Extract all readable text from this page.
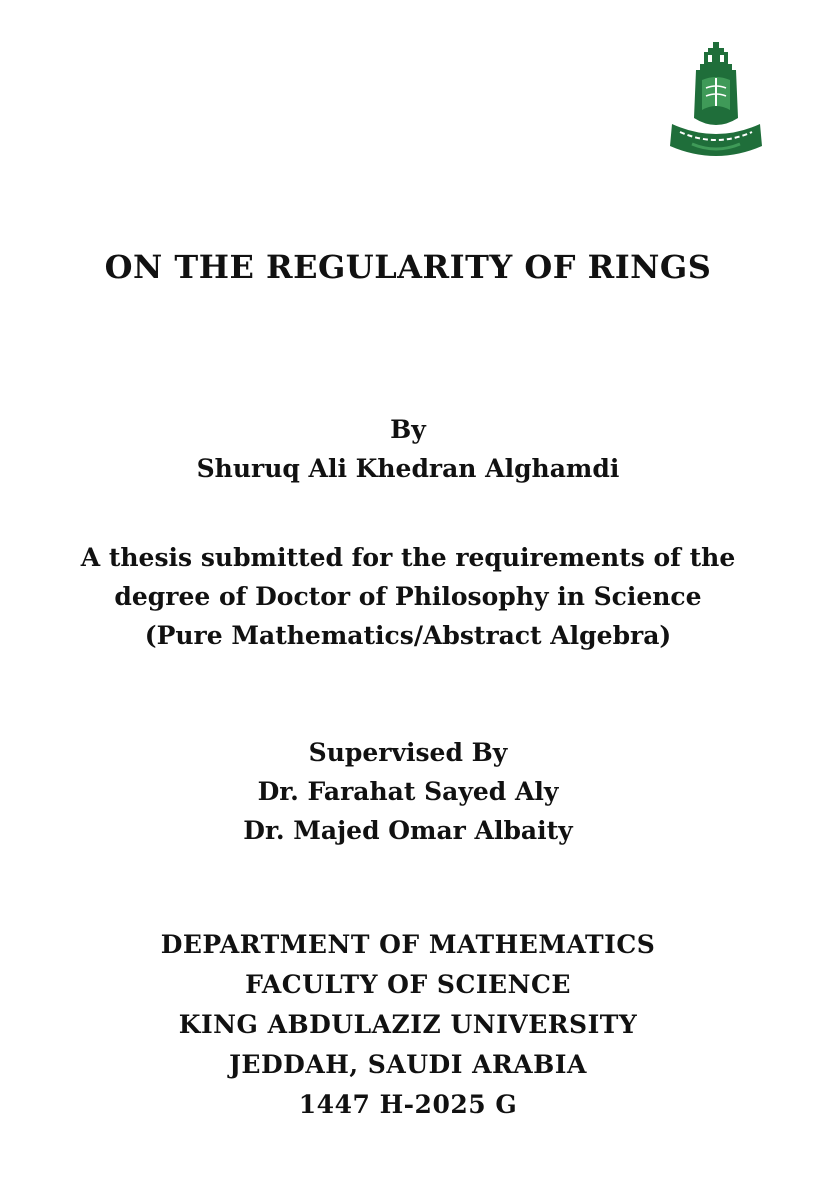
ON THE REGULARITY OF RINGS
By
Shuruq Ali Khedran Alghamdi
A thesis submitted for the requirements of the
degree of Doctor of Philosophy in Science
(Pure Mathematics/Abstract Algebra)
Supervised By
Dr. Farahat Sayed Aly
Dr. Majed Omar Albaity
DEPARTMENT OF MATHEMATICS
FACULTY OF SCIENCE
KING ABDULAZIZ UNIVERSITY
JEDDAH, SAUDI ARABIA
1447 H-2025 G
